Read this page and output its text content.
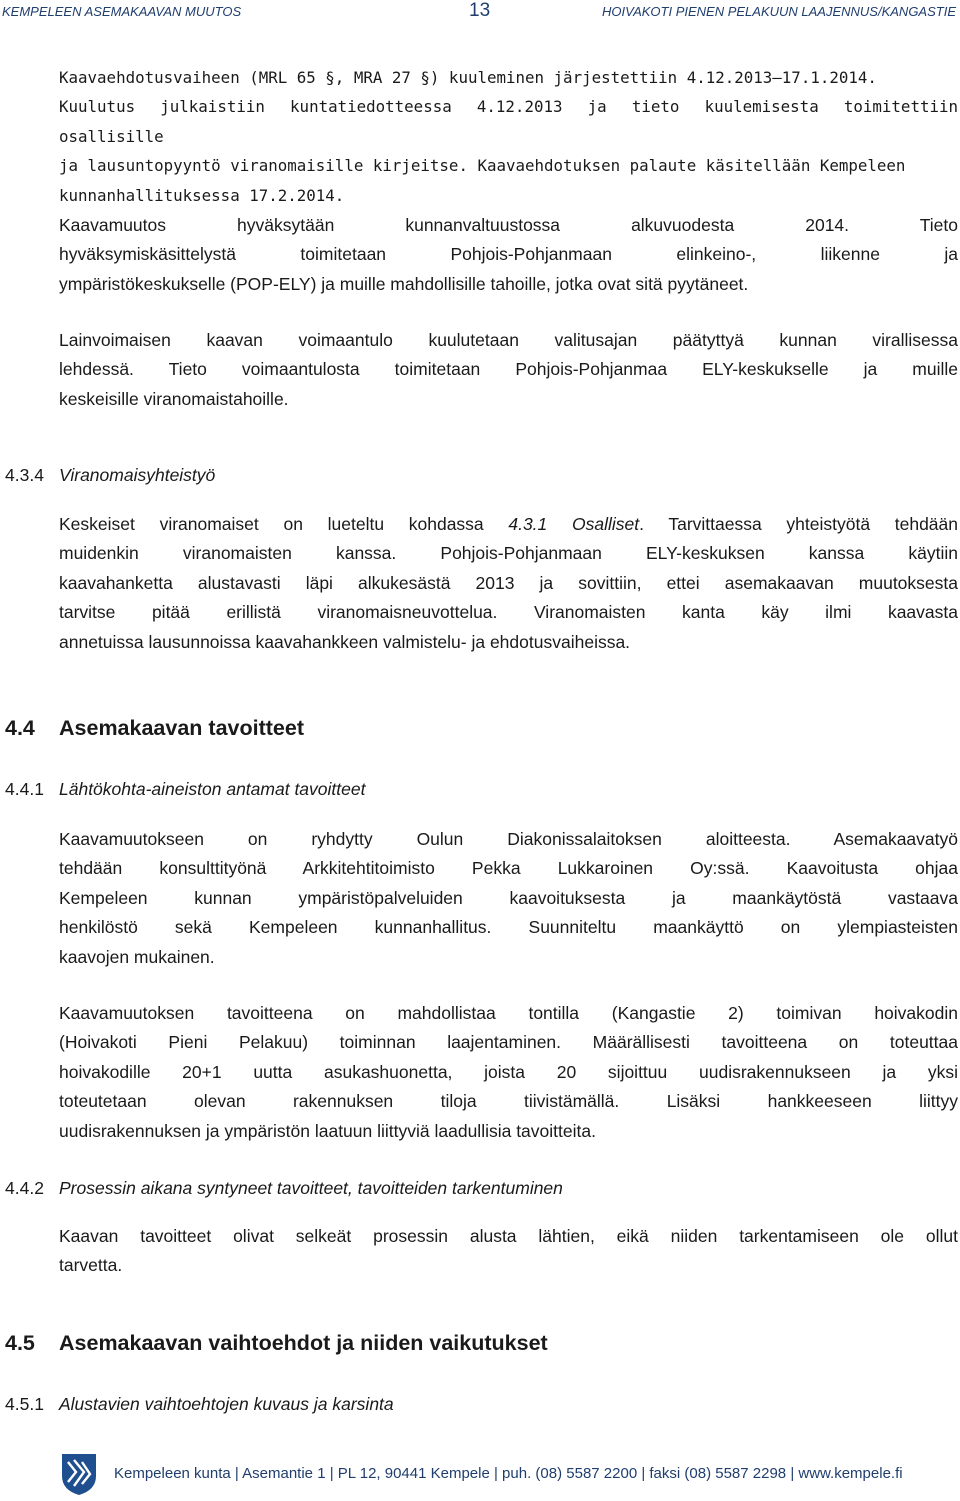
KEMPELEEN ASEMAKAAVAN MUUTOS	13	HOIVAKOTI PIENEN PELAKUUN LAAJENNUS/KANGASTIE
Kaavaehdotusvaiheen (MRL 65 §, MRA 27 §) kuuleminen järjestettiin 4.12.2013–17.1.2014.
Kuulutus julkaistiin kuntatiedotteessa 4.12.2013 ja tieto kuulemisesta toimitettiin osallisille
ja lausuntopyyntö viranomaisille kirjeitse. Kaavaehdotuksen palaute käsitellään Kempeleen
kunnanhallituksessa 17.2.2014.
Kaavamuutos hyväksytään kunnanvaltuustossa alkuvuodesta 2014. Tieto
hyväksymiskäsittelystä toimitetaan Pohjois-Pohjanmaan elinkeino-, liikenne ja
ympäristökeskukselle (POP-ELY) ja muille mahdollisille tahoille, jotka ovat sitä pyytäneet.
Lainvoimaisen kaavan voimaantulo kuulutetaan valitusajan päätyttyä kunnan virallisessa
lehdessä. Tieto voimaantulosta toimitetaan Pohjois-Pohjanmaa ELY-keskukselle ja muille
keskeisille viranomaistahoille.
4.3.4 Viranomaisyhteistyö
Keskeiset viranomaiset on lueteltu kohdassa 4.3.1 Osalliset. Tarvittaessa yhteistyötä tehdään
muidenkin viranomaisten kanssa. Pohjois-Pohjanmaan ELY-keskuksen kanssa käytiin
kaavahanketta alustavasti läpi alkukesästä 2013 ja sovittiin, ettei asemakaavan muutoksesta
tarvitse pitää erillistä viranomaisneuvottelua. Viranomaisten kanta käy ilmi kaavasta
annetuissa lausunnoissa kaavahankkeen valmistelu- ja ehdotusvaiheissa.
4.4 Asemakaavan tavoitteet
4.4.1 Lähtökohta-aineiston antamat tavoitteet
Kaavamuutokseen on ryhdytty Oulun Diakonissalaitoksen aloitteesta. Asemakaavatyö
tehdään konsulttityönä Arkkitehtitoimisto Pekka Lukkaroinen Oy:ssä. Kaavoitusta ohjaa
Kempeleen kunnan ympäristöpalveluiden kaavoituksesta ja maankäytöstä vastaava
henkilöstö sekä Kempeleen kunnanhallitus. Suunniteltu maankäyttö on ylempiasteisten
kaavojen mukainen.
Kaavamuutoksen tavoitteena on mahdollistaa tontilla (Kangastie 2) toimivan hoivakodin
(Hoivakoti Pieni Pelakuu) toiminnan laajentaminen. Määrällisesti tavoitteena on toteuttaa
hoivakodille 20+1 uutta asukashuonetta, joista 20 sijoittuu uudisrakennukseen ja yksi
toteutetaan olevan rakennuksen tiloja tiivistämällä. Lisäksi hankkeeseen liittyy
uudisrakennuksen ja ympäristön laatuun liittyviä laadullisia tavoitteita.
4.4.2 Prosessin aikana syntyneet tavoitteet, tavoitteiden tarkentuminen
Kaavan tavoitteet olivat selkeät prosessin alusta lähtien, eikä niiden tarkentamiseen ole ollut
tarvetta.
4.5 Asemakaavan vaihtoehdot ja niiden vaikutukset
4.5.1 Alustavien vaihtoehtojen kuvaus ja karsinta
Kempeleen kunta | Asemantie 1 | PL 12, 90441 Kempele | puh. (08) 5587 2200 | faksi (08) 5587 2298 | www.kempele.fi
